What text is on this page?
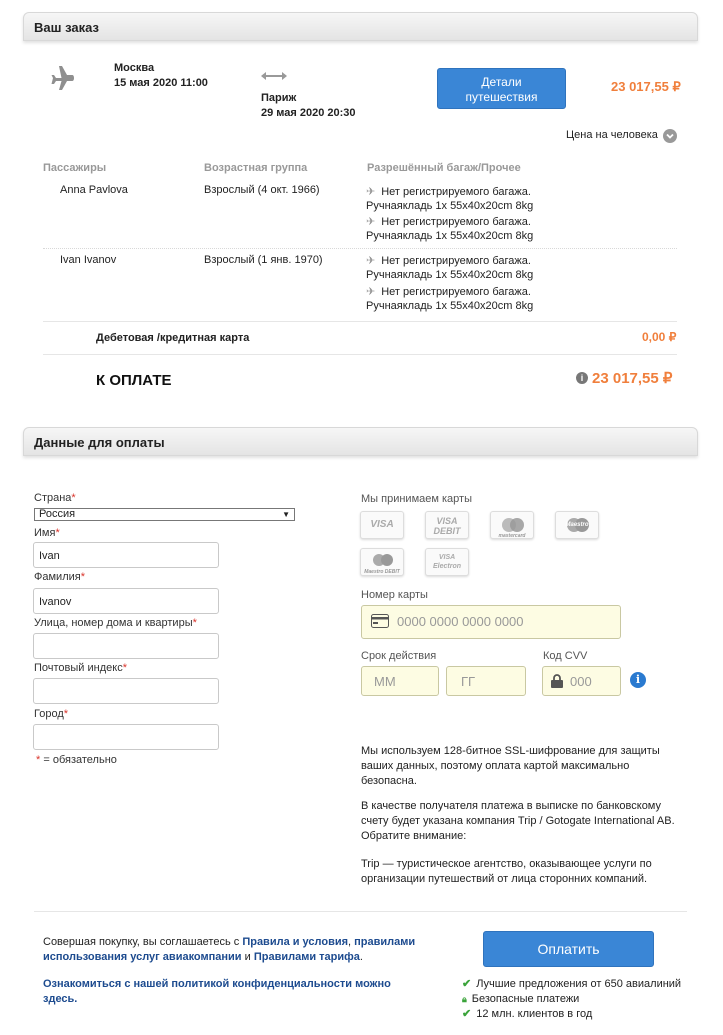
Ваш заказ
Москва
15 мая 2020 11:00
Париж
29 мая 2020 20:30
Детали путешествия
23 017,55 ₽
Цена на человека
Пассажиры	Возрастная группа	Разрешённый багаж/Прочее
Anna Pavlova	Взрослый (4 окт. 1966)	✈ Нет регистрируемого багажа.
Ручнаякладь 1x 55x40x20cm 8kg
✈ Нет регистрируемого багажа.
Ручнаякладь 1x 55x40x20cm 8kg
Ivan Ivanov	Взрослый (1 янв. 1970)	✈ Нет регистрируемого багажа.
Ручнаякладь 1x 55x40x20cm 8kg
✈ Нет регистрируемого багажа.
Ручнаякладь 1x 55x40x20cm 8kg
Дебетовая /кредитная карта	0,00 ₽
К ОПЛАТЕ	i 23 017,55 ₽
Данные для оплаты
Страна*
Россия	▼
Имя*
Ivan
Фамилия*
Ivanov
Улица, номер дома и квартиры*
Почтовый индекс*
Город*
* = обязательно
Мы принимаем карты
VISA	VISA DEBIT	mastercard
Maestro
Maestro DEBIT
VISA Electron
Номер карты
0000 0000 0000 0000
Срок действия
ММ	ГГ
Код CVV
000	i
Мы используем 128-битное SSL-шифрование для защиты ваших данных, поэтому оплата картой максимально безопасна.
В качестве получателя платежа в выписке по банковскому счету будет указана компания Trip / Gotogate International AB. Обратите внимание:
Trip — туристическое агентство, оказывающее услуги по организации путешествий от лица сторонних компаний.
Совершая покупку, вы соглашаетесь с Правила и условия, правилами использования услуг авиакомпании и Правилами тарифа.
Ознакомиться с нашей политикой конфиденциальности можно здесь.
Оплатить
✔ Лучшие предложения от 650 авиалиний
🔒︎ Безопасные платежи
✔ 12 млн. клиентов в год
